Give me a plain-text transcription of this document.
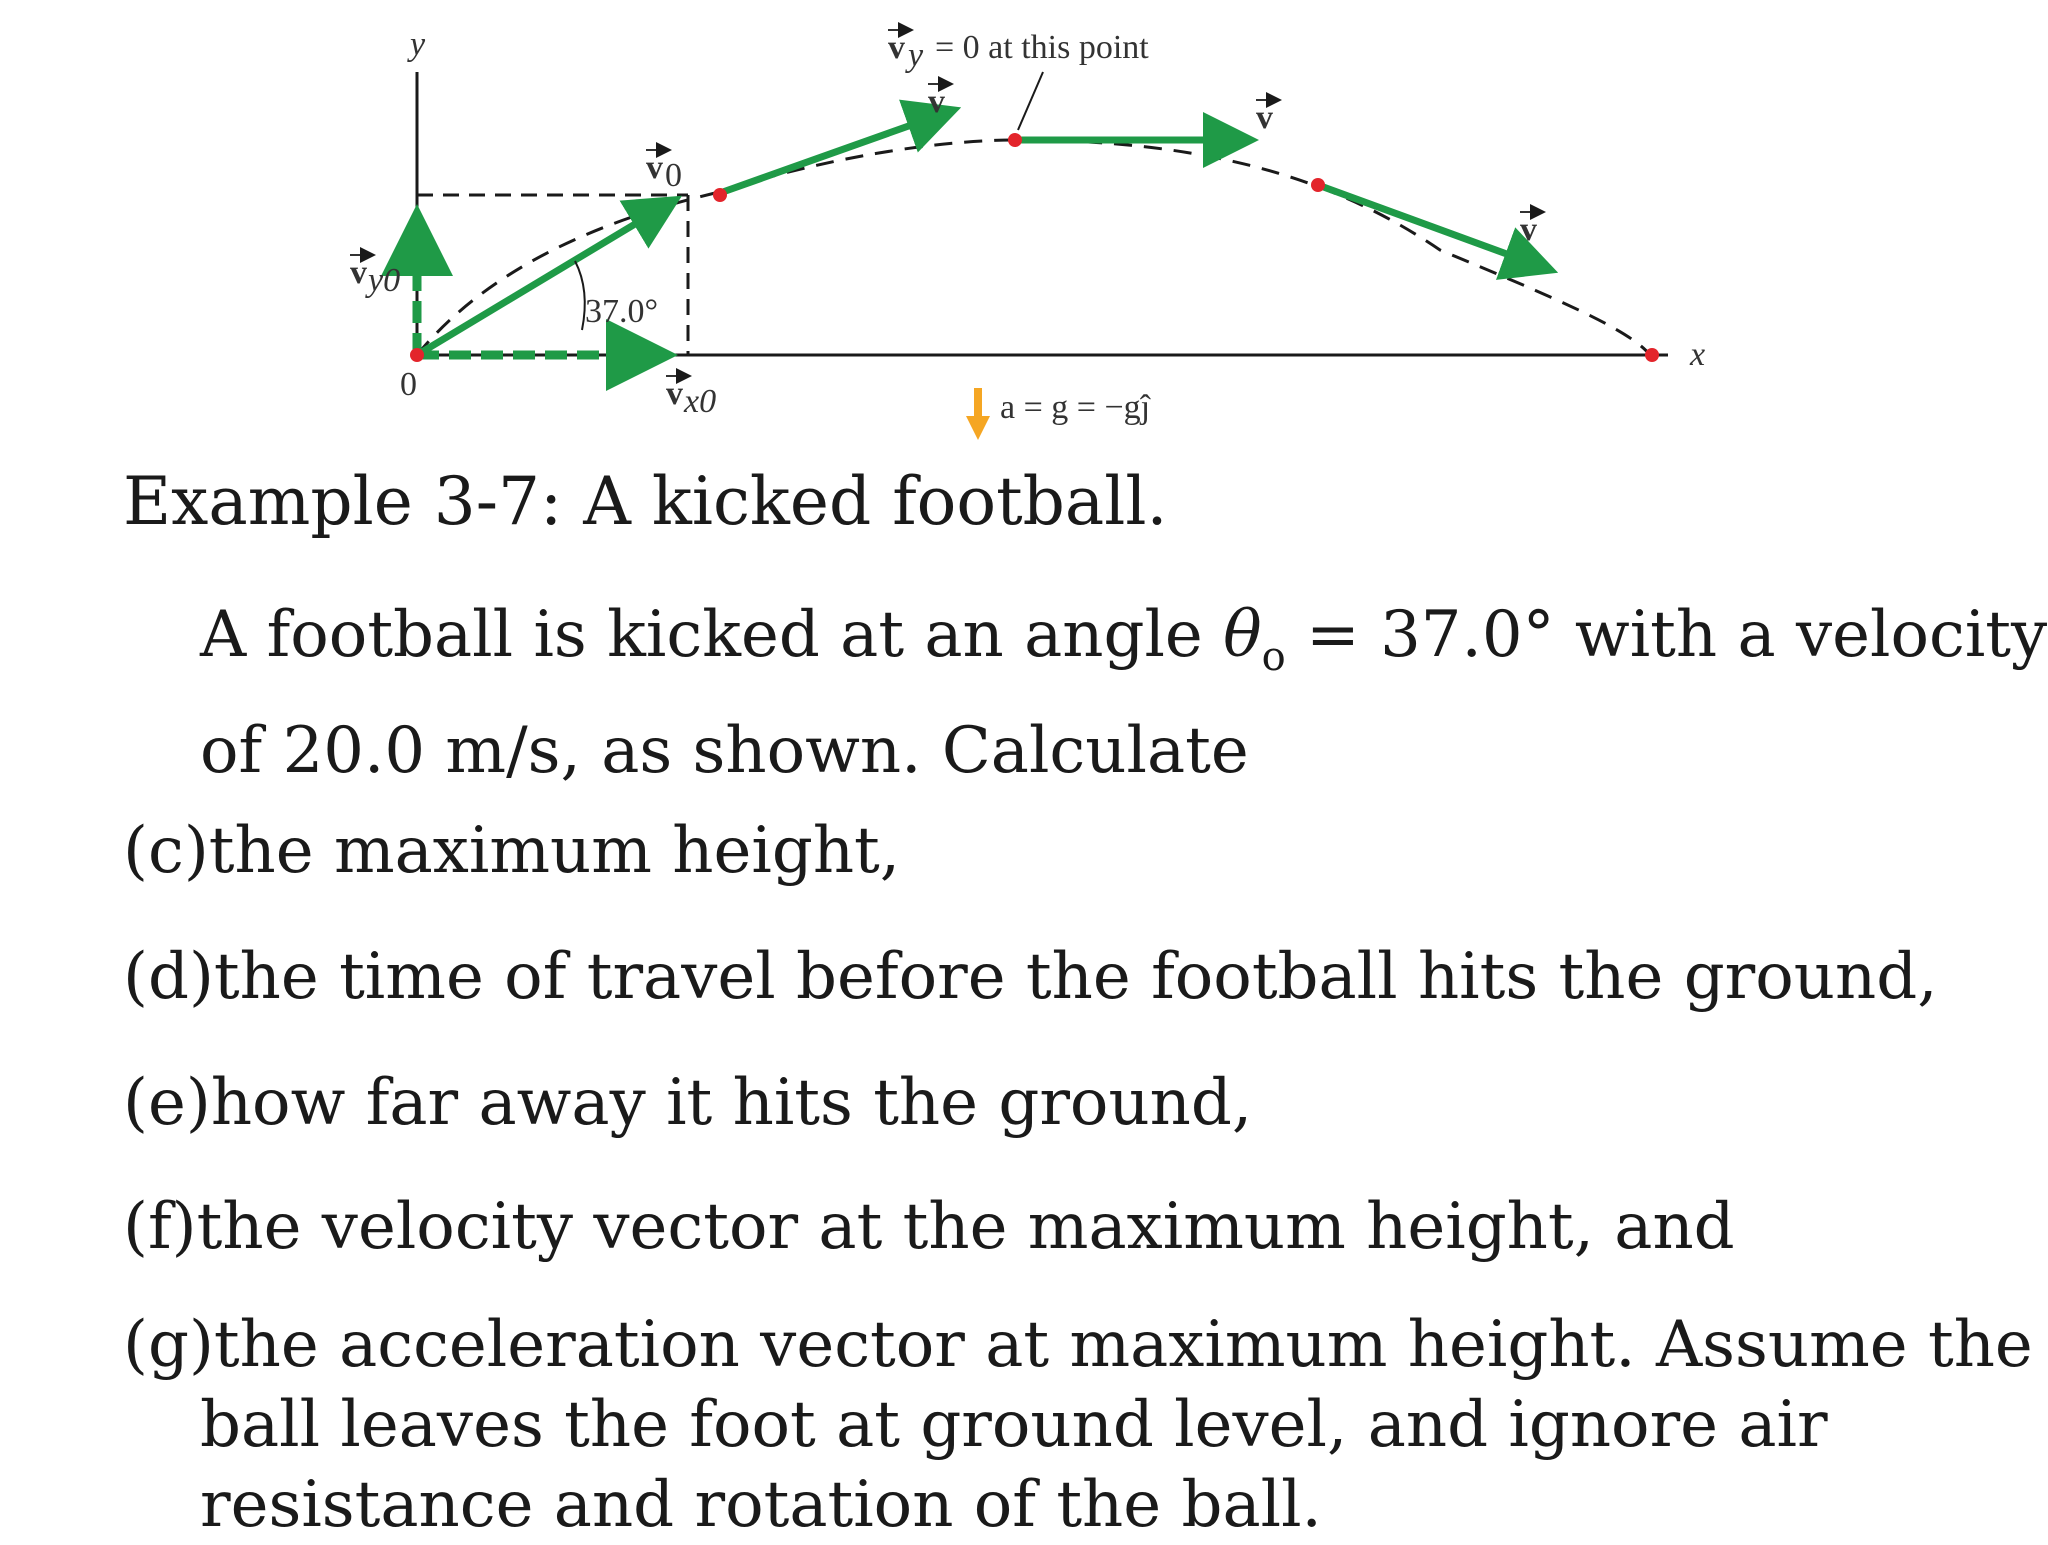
y
x
0
37.0°
v 0
v y0
v x0
v y = 0 at this point
v	v
v
a = g = −gĵ
Example 3-7: A kicked football.
A football is kicked at an angle $\theta_o = 37.0^\circ$ with a velocity
of 20.0 m/s, as shown. Calculate
(c)the maximum height,
(d)the time of travel before the football hits the ground,
(e)how far away it hits the ground,
(f)the velocity vector at the maximum height, and
(g)the acceleration vector at maximum height. Assume the
ball leaves the foot at ground level, and ignore air
resistance and rotation of the ball.
